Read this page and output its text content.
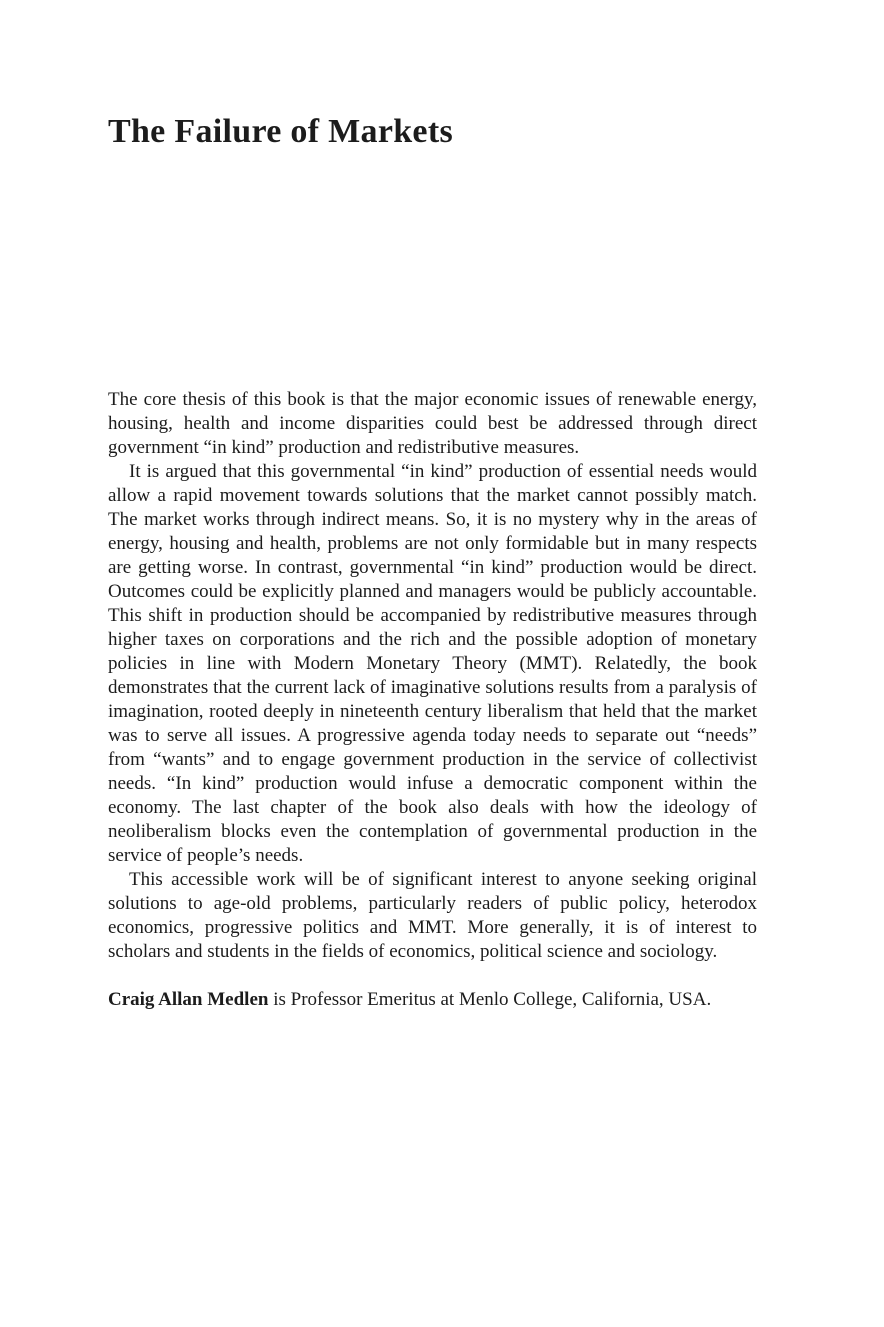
The Failure of Markets

The core thesis of this book is that the major economic issues of renewable energy, housing, health and income disparities could best be addressed through direct government “in kind” production and redistributive measures.

It is argued that this governmental “in kind” production of essential needs would allow a rapid movement towards solutions that the market cannot possibly match. The market works through indirect means. So, it is no mystery why in the areas of energy, housing and health, problems are not only formidable but in many respects are getting worse. In contrast, governmental “in kind” production would be direct. Outcomes could be explicitly planned and managers would be publicly accountable. This shift in production should be accompanied by redistributive measures through higher taxes on corporations and the rich and the possible adoption of monetary policies in line with Modern Monetary Theory (MMT). Relatedly, the book demonstrates that the current lack of imaginative solutions results from a paralysis of imagination, rooted deeply in nineteenth century liberalism that held that the market was to serve all issues. A progressive agenda today needs to separate out “needs” from “wants” and to engage government production in the service of collectivist needs. “In kind” production would infuse a democratic component within the economy. The last chapter of the book also deals with how the ideology of neoliberalism blocks even the contemplation of governmental production in the service of people’s needs.

This accessible work will be of significant interest to anyone seeking original solutions to age-old problems, particularly readers of public policy, heterodox economics, progressive politics and MMT. More generally, it is of interest to scholars and students in the fields of economics, political science and sociology.

Craig Allan Medlen is Professor Emeritus at Menlo College, California, USA.
